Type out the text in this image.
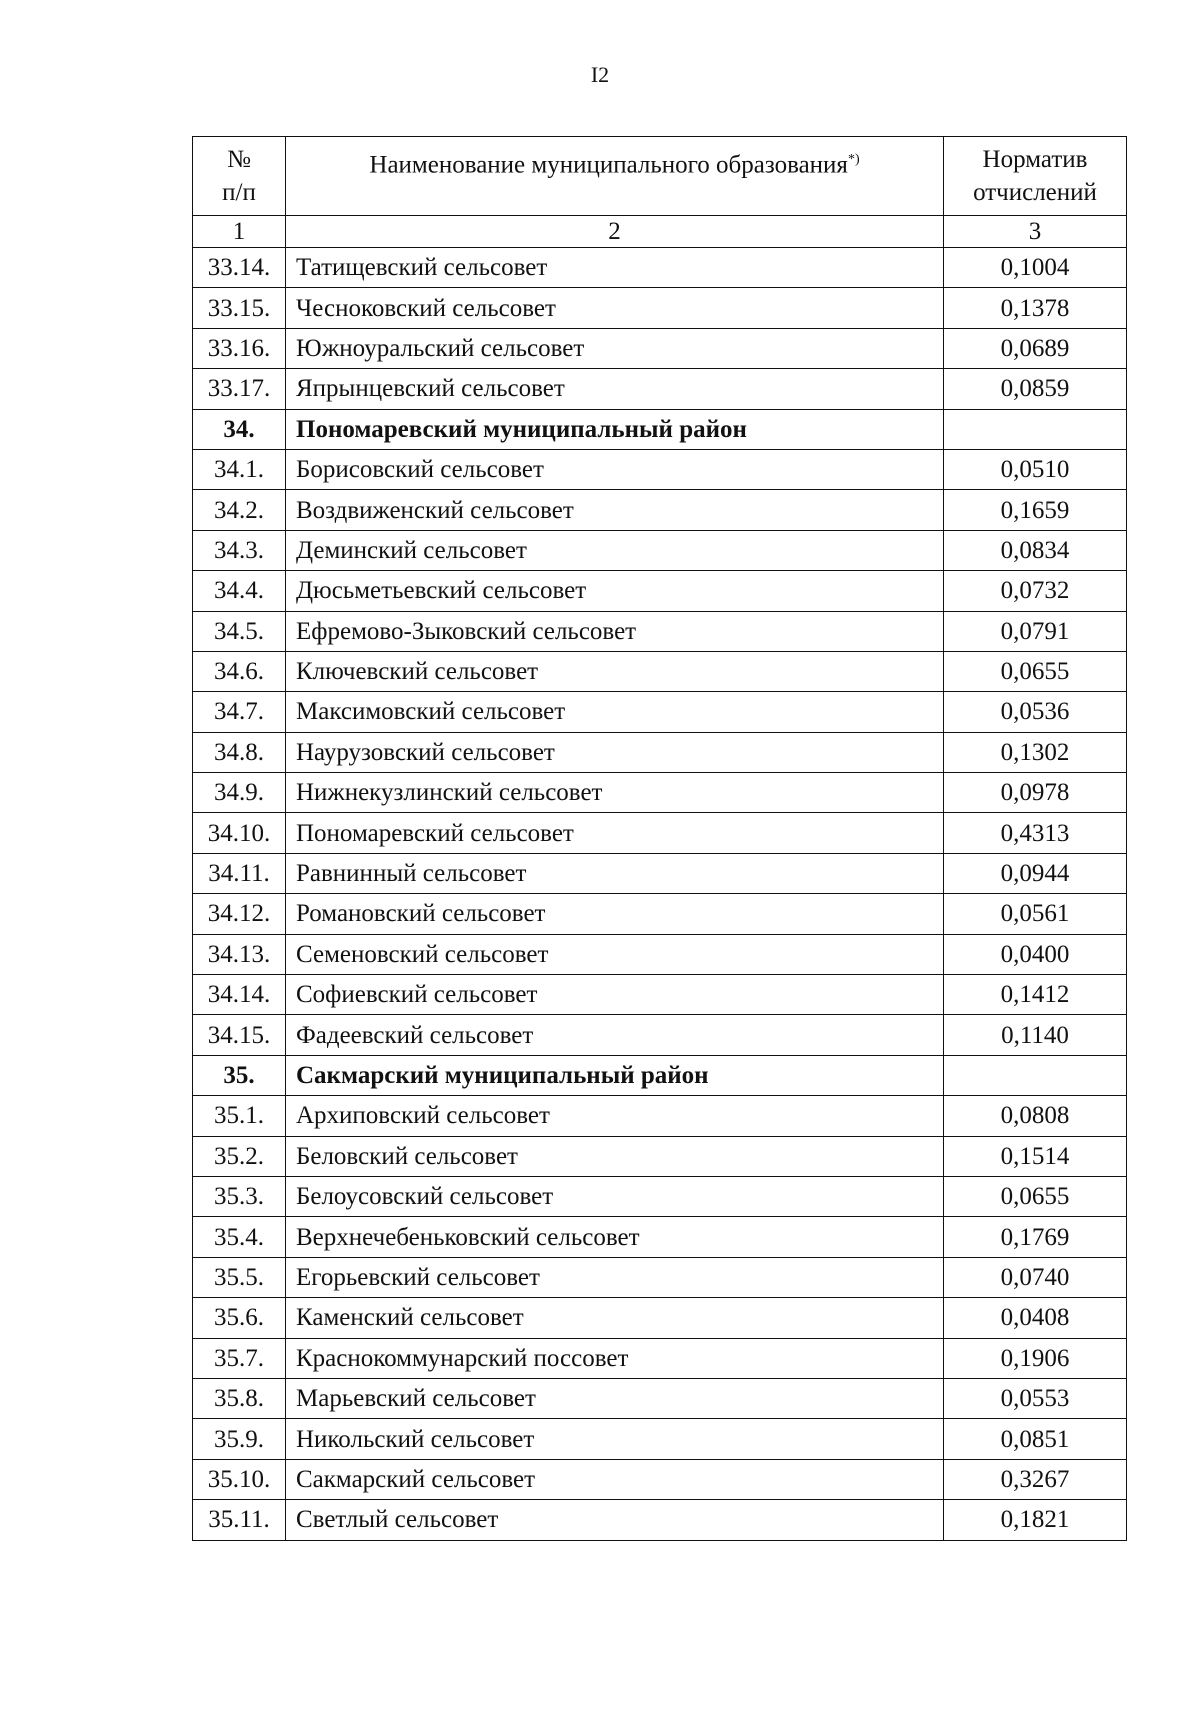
I2
№ п/п	Наименование муниципального образования*)	Норматив отчислений
1	2	3
33.14.	Татищевский сельсовет	0,1004
33.15.	Чесноковский сельсовет	0,1378
33.16.	Южноуральский сельсовет	0,0689
33.17.	Япрынцевский сельсовет	0,0859
34.	Пономаревский муниципальный район	
34.1.	Борисовский сельсовет	0,0510
34.2.	Воздвиженский сельсовет	0,1659
34.3.	Деминский сельсовет	0,0834
34.4.	Дюсьметьевский сельсовет	0,0732
34.5.	Ефремово-Зыковский сельсовет	0,0791
34.6.	Ключевский сельсовет	0,0655
34.7.	Максимовский сельсовет	0,0536
34.8.	Наурузовский сельсовет	0,1302
34.9.	Нижнекузлинский сельсовет	0,0978
34.10.	Пономаревский сельсовет	0,4313
34.11.	Равнинный сельсовет	0,0944
34.12.	Романовский сельсовет	0,0561
34.13.	Семеновский сельсовет	0,0400
34.14.	Софиевский сельсовет	0,1412
34.15.	Фадеевский сельсовет	0,1140
35.	Сакмарский муниципальный район	
35.1.	Архиповский сельсовет	0,0808
35.2.	Беловский сельсовет	0,1514
35.3.	Белоусовский сельсовет	0,0655
35.4.	Верхнечебеньковский сельсовет	0,1769
35.5.	Егорьевский сельсовет	0,0740
35.6.	Каменский сельсовет	0,0408
35.7.	Краснокоммунарский поссовет	0,1906
35.8.	Марьевский сельсовет	0,0553
35.9.	Никольский сельсовет	0,0851
35.10.	Сакмарский сельсовет	0,3267
35.11.	Светлый сельсовет	0,1821
